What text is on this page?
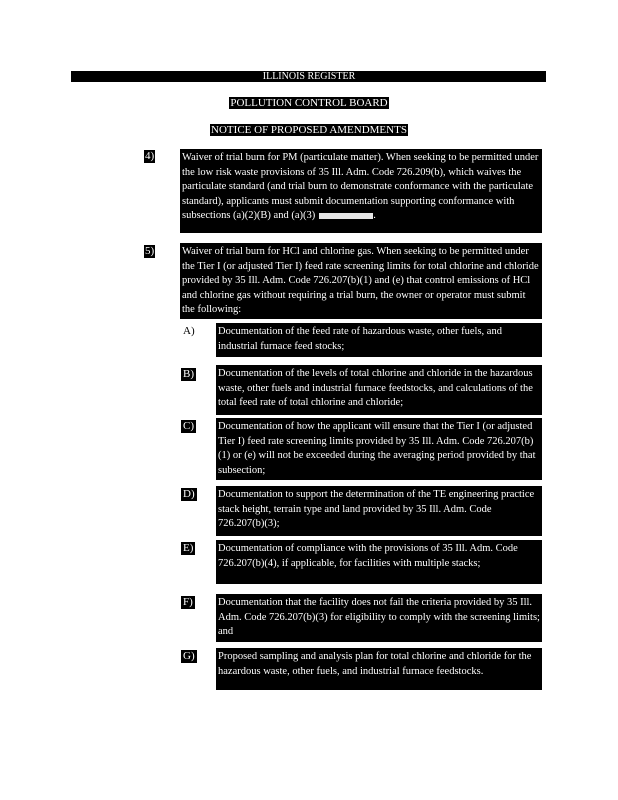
ILLINOIS REGISTER
POLLUTION CONTROL BOARD
NOTICE OF PROPOSED AMENDMENTS
4)	Waiver of trial burn for PM (particulate matter). When seeking to be permitted under the low risk waste provisions of 35 Ill. Adm. Code 726.209(b), which waives the particulate standard (and trial burn to demonstrate conformance with the particulate standard), applicants must submit documentation supporting conformance with subsections (a)(2)(B) and (a)(3)	.
5)	Waiver of trial burn for HCl and chlorine gas. When seeking to be permitted under the Tier I (or adjusted Tier I) feed rate screening limits for total chlorine and chloride provided by 35 Ill. Adm. Code 726.207(b)(1) and (e) that control emissions of HCl and chlorine gas without requiring a trial burn, the owner or operator must submit the following:
A) Documentation of the feed rate of hazardous waste, other fuels, and industrial furnace feed stocks;
B) Documentation of the levels of total chlorine and chloride in the hazardous waste, other fuels and industrial furnace feedstocks, and calculations of the total feed rate of total chlorine and chloride;
C) Documentation of how the applicant will ensure that the Tier I (or adjusted Tier I) feed rate screening limits provided by 35 Ill. Adm. Code 726.207(b)(1) or (e) will not be exceeded during the averaging period provided by that subsection;
D) Documentation to support the determination of the TE engineering practice stack height, terrain type and land provided by 35 Ill. Adm. Code 726.207(b)(3);
E) Documentation of compliance with the provisions of 35 Ill. Adm. Code 726.207(b)(4), if applicable, for facilities with multiple stacks;
F) Documentation that the facility does not fail the criteria provided by 35 Ill. Adm. Code 726.207(b)(3) for eligibility to comply with the screening limits; and
G) Proposed sampling and analysis plan for total chlorine and chloride for the hazardous waste, other fuels, and industrial furnace feedstocks.
